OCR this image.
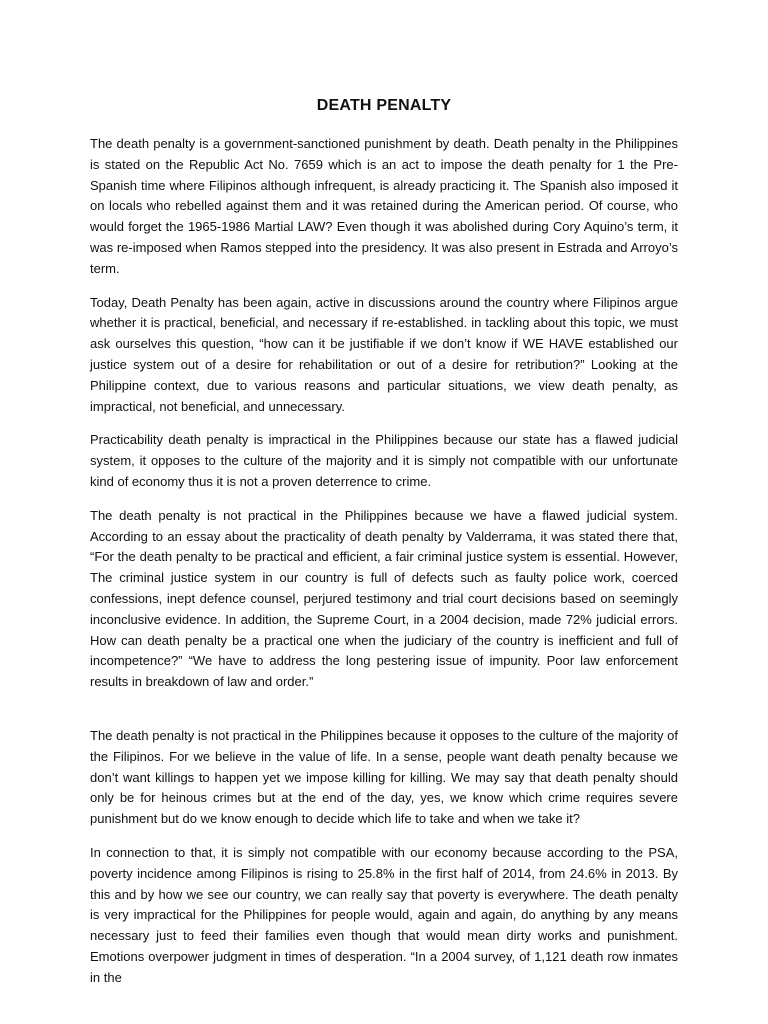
DEATH PENALTY

The death penalty is a government-sanctioned punishment by death. Death penalty in the Philippines is stated on the Republic Act No. 7659 which is an act to impose the death penalty for 1 the Pre-Spanish time where Filipinos although infrequent, is already practicing it. The Spanish also imposed it on locals who rebelled against them and it was retained during the American period. Of course, who would forget the 1965-1986 Martial LAW? Even though it was abolished during Cory Aquino’s term, it was re-imposed when Ramos stepped into the presidency. It was also present in Estrada and Arroyo’s term.

Today, Death Penalty has been again, active in discussions around the country where Filipinos argue whether it is practical, beneficial, and necessary if re-established. in tackling about this topic, we must ask ourselves this question, “how can it be justifiable if we don’t know if WE HAVE established our justice system out of a desire for rehabilitation or out of a desire for retribution?” Looking at the Philippine context, due to various reasons and particular situations, we view death penalty, as impractical, not beneficial, and unnecessary.

Practicability death penalty is impractical in the Philippines because our state has a flawed judicial system, it opposes to the culture of the majority and it is simply not compatible with our unfortunate kind of economy thus it is not a proven deterrence to crime.

The death penalty is not practical in the Philippines because we have a flawed judicial system. According to an essay about the practicality of death penalty by Valderrama, it was stated there that, “For the death penalty to be practical and efficient, a fair criminal justice system is essential. However, The criminal justice system in our country is full of defects such as faulty police work, coerced confessions, inept defence counsel, perjured testimony and trial court decisions based on seemingly inconclusive evidence. In addition, the Supreme Court, in a 2004 decision, made 72% judicial errors. How can death penalty be a practical one when the judiciary of the country is inefficient and full of incompetence?” “We have to address the long pestering issue of impunity. Poor law enforcement results in breakdown of law and order.”

The death penalty is not practical in the Philippines because it opposes to the culture of the majority of the Filipinos. For we believe in the value of life. In a sense, people want death penalty because we don’t want killings to happen yet we impose killing for killing. We may say that death penalty should only be for heinous crimes but at the end of the day, yes, we know which crime requires severe punishment but do we know enough to decide which life to take and when we take it?

In connection to that, it is simply not compatible with our economy because according to the PSA, poverty incidence among Filipinos is rising to 25.8% in the first half of 2014, from 24.6% in 2013. By this and by how we see our country, we can really say that poverty is everywhere. The death penalty is very impractical for the Philippines for people would, again and again, do anything by any means necessary just to feed their families even though that would mean dirty works and punishment. Emotions overpower judgment in times of desperation. “In a 2004 survey, of 1,121 death row inmates in the
